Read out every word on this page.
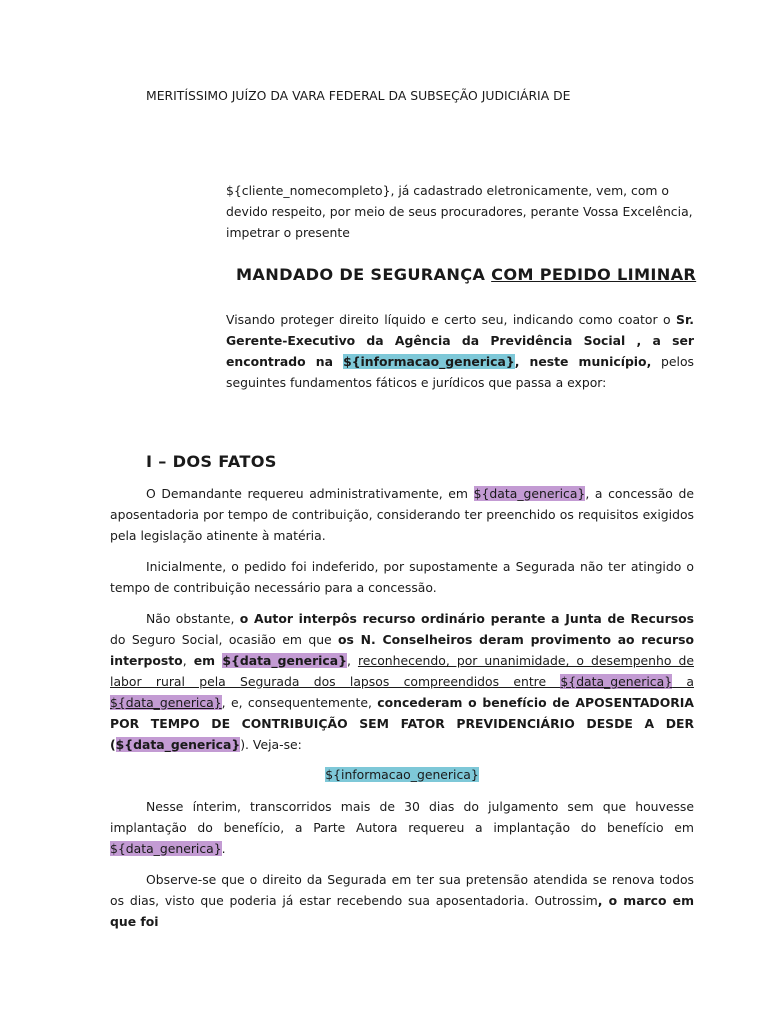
MERITÍSSIMO JUÍZO DA VARA FEDERAL DA SUBSEÇÃO JUDICIÁRIA DE
${cliente_nomecompleto}, já cadastrado eletronicamente, vem, com o devido respeito, por meio de seus procuradores, perante Vossa Excelência, impetrar o presente
MANDADO DE SEGURANÇA COM PEDIDO LIMINAR
Visando proteger direito líquido e certo seu, indicando como coator o Sr. Gerente-Executivo da Agência da Previdência Social , a ser encontrado na ${informacao_generica}, neste município, pelos seguintes fundamentos fáticos e jurídicos que passa a expor:
I – DOS FATOS
O Demandante requereu administrativamente, em ${data_generica}, a concessão de aposentadoria por tempo de contribuição, considerando ter preenchido os requisitos exigidos pela legislação atinente à matéria.
Inicialmente, o pedido foi indeferido, por supostamente a Segurada não ter atingido o tempo de contribuição necessário para a concessão.
Não obstante, o Autor interpôs recurso ordinário perante a Junta de Recursos do Seguro Social, ocasião em que os N. Conselheiros deram provimento ao recurso interposto, em ${data_generica}, reconhecendo, por unanimidade, o desempenho de labor rural pela Segurada dos lapsos compreendidos entre ${data_generica} a ${data_generica}, e, consequentemente, concederam o benefício de APOSENTADORIA POR TEMPO DE CONTRIBUIÇÃO SEM FATOR PREVIDENCIÁRIO DESDE A DER (${data_generica}). Veja-se:
${informacao_generica}
Nesse ínterim, transcorridos mais de 30 dias do julgamento sem que houvesse implantação do benefício, a Parte Autora requereu a implantação do benefício em ${data_generica}.
Observe-se que o direito da Segurada em ter sua pretensão atendida se renova todos os dias, visto que poderia já estar recebendo sua aposentadoria. Outrossim, o marco em que foi
